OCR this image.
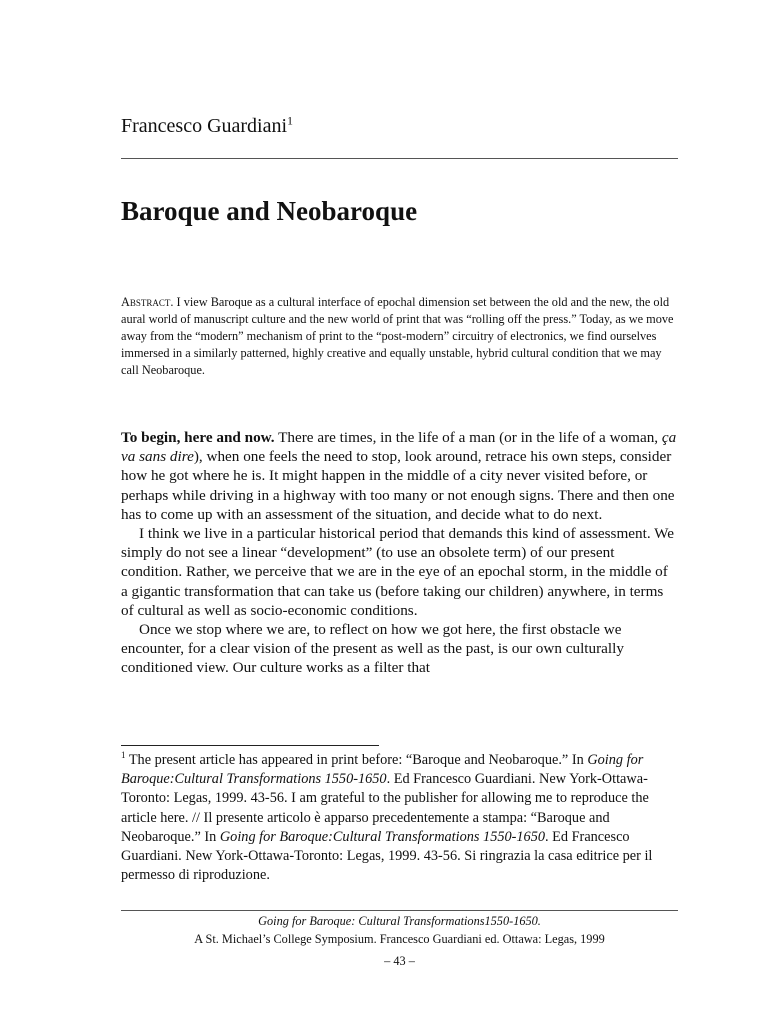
Francesco Guardiani$^1$
Baroque and Neobaroque

Abstract. I view Baroque as a cultural interface of epochal dimension set between the old and the new, the old aural world of manuscript culture and the new world of print that was “rolling off the press.” Today, as we move away from the “modern” mechanism of print to the “post-modern” circuitry of electronics, we find ourselves immersed in a similarly patterned, highly creative and equally unstable, hybrid cultural condition that we may call Neobaroque.

To begin, here and now. There are times, in the life of a man (or in the life of a woman, ça va sans dire), when one feels the need to stop, look around, retrace his own steps, consider how he got where he is. It might happen in the middle of a city never visited before, or perhaps while driving in a highway with too many or not enough signs. There and then one has to come up with an assessment of the situation, and decide what to do next.

I think we live in a particular historical period that demands this kind of assessment. We simply do not see a linear “development” (to use an obsolete term) of our present condition. Rather, we perceive that we are in the eye of an epochal storm, in the middle of a gigantic transformation that can take us (before taking our children) anywhere, in terms of cultural as well as socio-economic conditions.

Once we stop where we are, to reflect on how we got here, the first obstacle we encounter, for a clear vision of the present as well as the past, is our own culturally conditioned view. Our culture works as a filter that

$^1$ The present article has appeared in print before: “Baroque and Neobaroque.” In Going for Baroque:Cultural Transformations 1550-1650. Ed Francesco Guardiani. New York-Ottawa-Toronto: Legas, 1999. 43-56. I am grateful to the publisher for allowing me to reproduce the article here. // Il presente articolo è apparso precedentemente a stampa: “Baroque and Neobaroque.” In Going for Baroque:Cultural Transformations 1550-1650. Ed Francesco Guardiani. New York-Ottawa-Toronto: Legas, 1999. 43-56. Si ringrazia la casa editrice per il permesso di riproduzione.
Going for Baroque: Cultural Transformations1550-1650.
A St. Michael’s College Symposium. Francesco Guardiani ed. Ottawa: Legas, 1999
– 43 –
